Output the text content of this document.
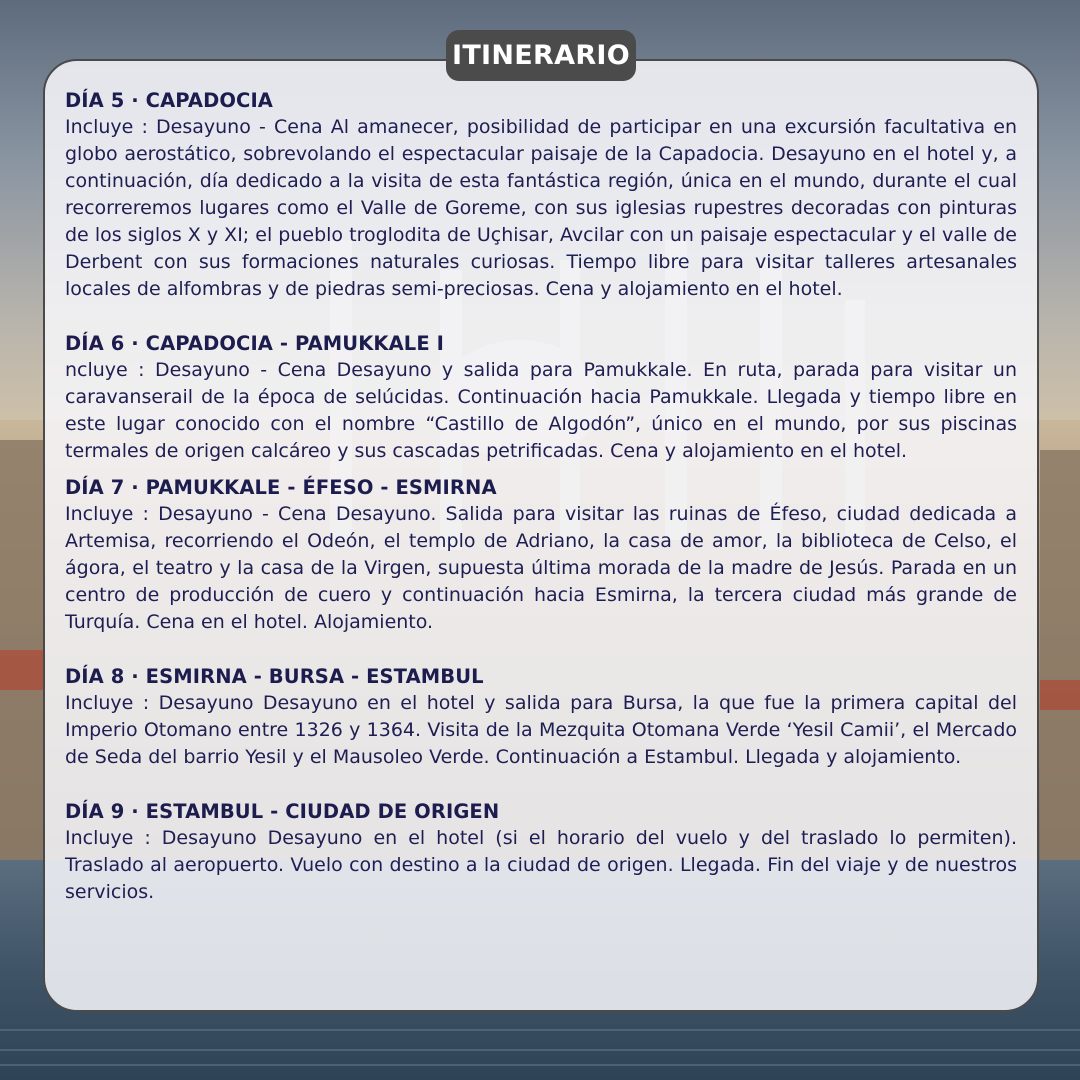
ITINERARIO
DÍA 5 · CAPADOCIA

Incluye : Desayuno - Cena Al amanecer, posibilidad de participar en una excursión facultativa en globo aerostático, sobrevolando el espectacular paisaje de la Capadocia. Desayuno en el hotel y, a continuación, día dedicado a la visita de esta fantástica región, única en el mundo, durante el cual recorreremos lugares como el Valle de Goreme, con sus iglesias rupestres decoradas con pinturas de los siglos X y XI; el pueblo troglodita de Uçhisar, Avcilar con un paisaje espectacular y el valle de Derbent con sus formaciones naturales curiosas. Tiempo libre para visitar talleres artesanales locales de alfombras y de piedras semi-preciosas. Cena y alojamiento en el hotel.

DÍA 6 · CAPADOCIA - PAMUKKALE I

ncluye : Desayuno - Cena Desayuno y salida para Pamukkale. En ruta, parada para visitar un caravanserail de la época de selúcidas. Continuación hacia Pamukkale. Llegada y tiempo libre en este lugar conocido con el nombre “Castillo de Algodón”, único en el mundo, por sus piscinas termales de origen calcáreo y sus cascadas petrificadas. Cena y alojamiento en el hotel.

DÍA 7 · PAMUKKALE - ÉFESO - ESMIRNA

Incluye : Desayuno - Cena Desayuno. Salida para visitar las ruinas de Éfeso, ciudad dedicada a Artemisa, recorriendo el Odeón, el templo de Adriano, la casa de amor, la biblioteca de Celso, el ágora, el teatro y la casa de la Virgen, supuesta última morada de la madre de Jesús. Parada en un centro de producción de cuero y continuación hacia Esmirna, la tercera ciudad más grande de Turquía. Cena en el hotel. Alojamiento.

DÍA 8 · ESMIRNA - BURSA - ESTAMBUL

Incluye : Desayuno Desayuno en el hotel y salida para Bursa, la que fue la primera capital del Imperio Otomano entre 1326 y 1364. Visita de la Mezquita Otomana Verde ‘Yesil Camii’, el Mercado de Seda del barrio Yesil y el Mausoleo Verde. Continuación a Estambul. Llegada y alojamiento.

DÍA 9 · ESTAMBUL - CIUDAD DE ORIGEN

Incluye : Desayuno Desayuno en el hotel (si el horario del vuelo y del traslado lo permiten). Traslado al aeropuerto. Vuelo con destino a la ciudad de origen. Llegada. Fin del viaje y de nuestros servicios.
